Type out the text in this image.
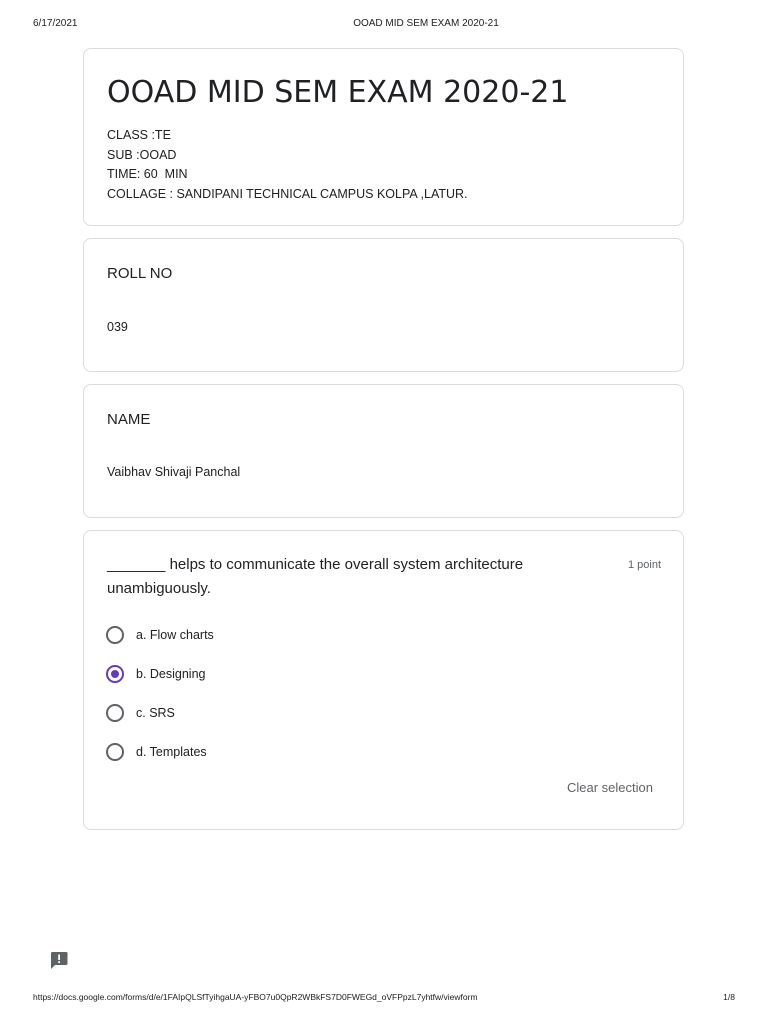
6/17/2021	OOAD MID SEM EXAM 2020-21
OOAD MID SEM EXAM 2020-21
CLASS :TE
SUB :OOAD
TIME: 60  MIN
COLLAGE : SANDIPANI TECHNICAL CAMPUS KOLPA ,LATUR.
ROLL NO
039
NAME
Vaibhav Shivaji Panchal
_______ helps to communicate the overall system architecture unambiguously.
1 point
a. Flow charts
b. Designing
c. SRS
d. Templates
Clear selection
https://docs.google.com/forms/d/e/1FAIpQLSfTyihgaUA-yFBO7u0QpR2WBkFS7D0FWEGd_oVFPpzL7yhtfw/viewform	1/8
